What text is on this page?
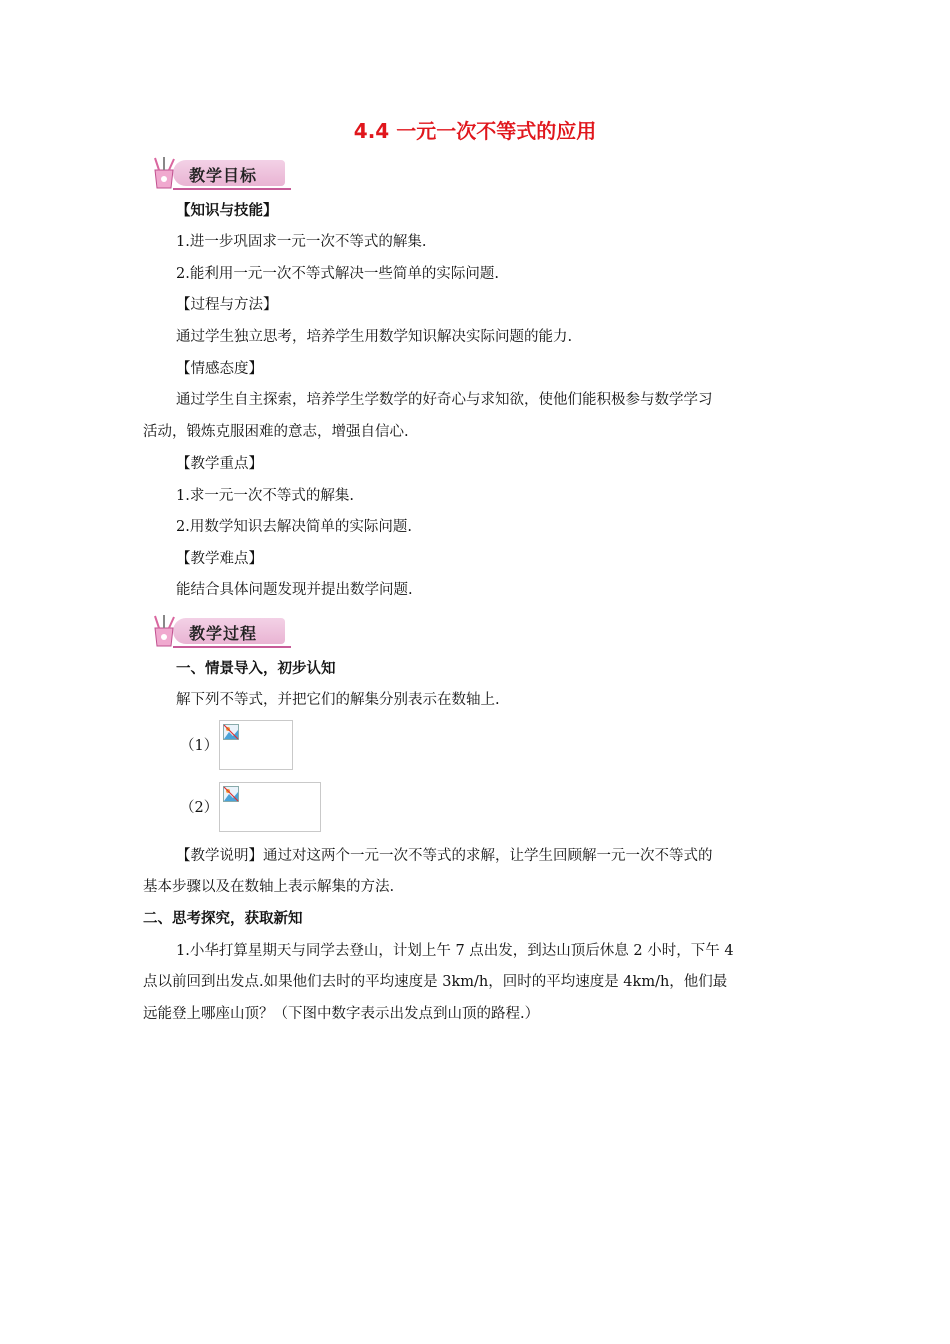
4.4 一元一次不等式的应用
教学目标
【知识与技能】
1.进一步巩固求一元一次不等式的解集.
2.能利用一元一次不等式解决一些简单的实际问题.
【过程与方法】
通过学生独立思考，培养学生用数学知识解决实际问题的能力.
【情感态度】
通过学生自主探索，培养学生学数学的好奇心与求知欲，使他们能积极参与数学学习
活动，锻炼克服困难的意志，增强自信心.
【教学重点】
1.求一元一次不等式的解集.
2.用数学知识去解决简单的实际问题.
【教学难点】
能结合具体问题发现并提出数学问题.
教学过程
一、情景导入，初步认知
解下列不等式，并把它们的解集分别表示在数轴上.
（1）
（2）
【教学说明】通过对这两个一元一次不等式的求解，让学生回顾解一元一次不等式的
基本步骤以及在数轴上表示解集的方法.
二、思考探究，获取新知
1.小华打算星期天与同学去登山，计划上午 7 点出发，到达山顶后休息 2 小时，下午 4
点以前回到出发点.如果他们去时的平均速度是 3km/h，回时的平均速度是 4km/h，他们最
远能登上哪座山顶？（下图中数字表示出发点到山顶的路程.）
